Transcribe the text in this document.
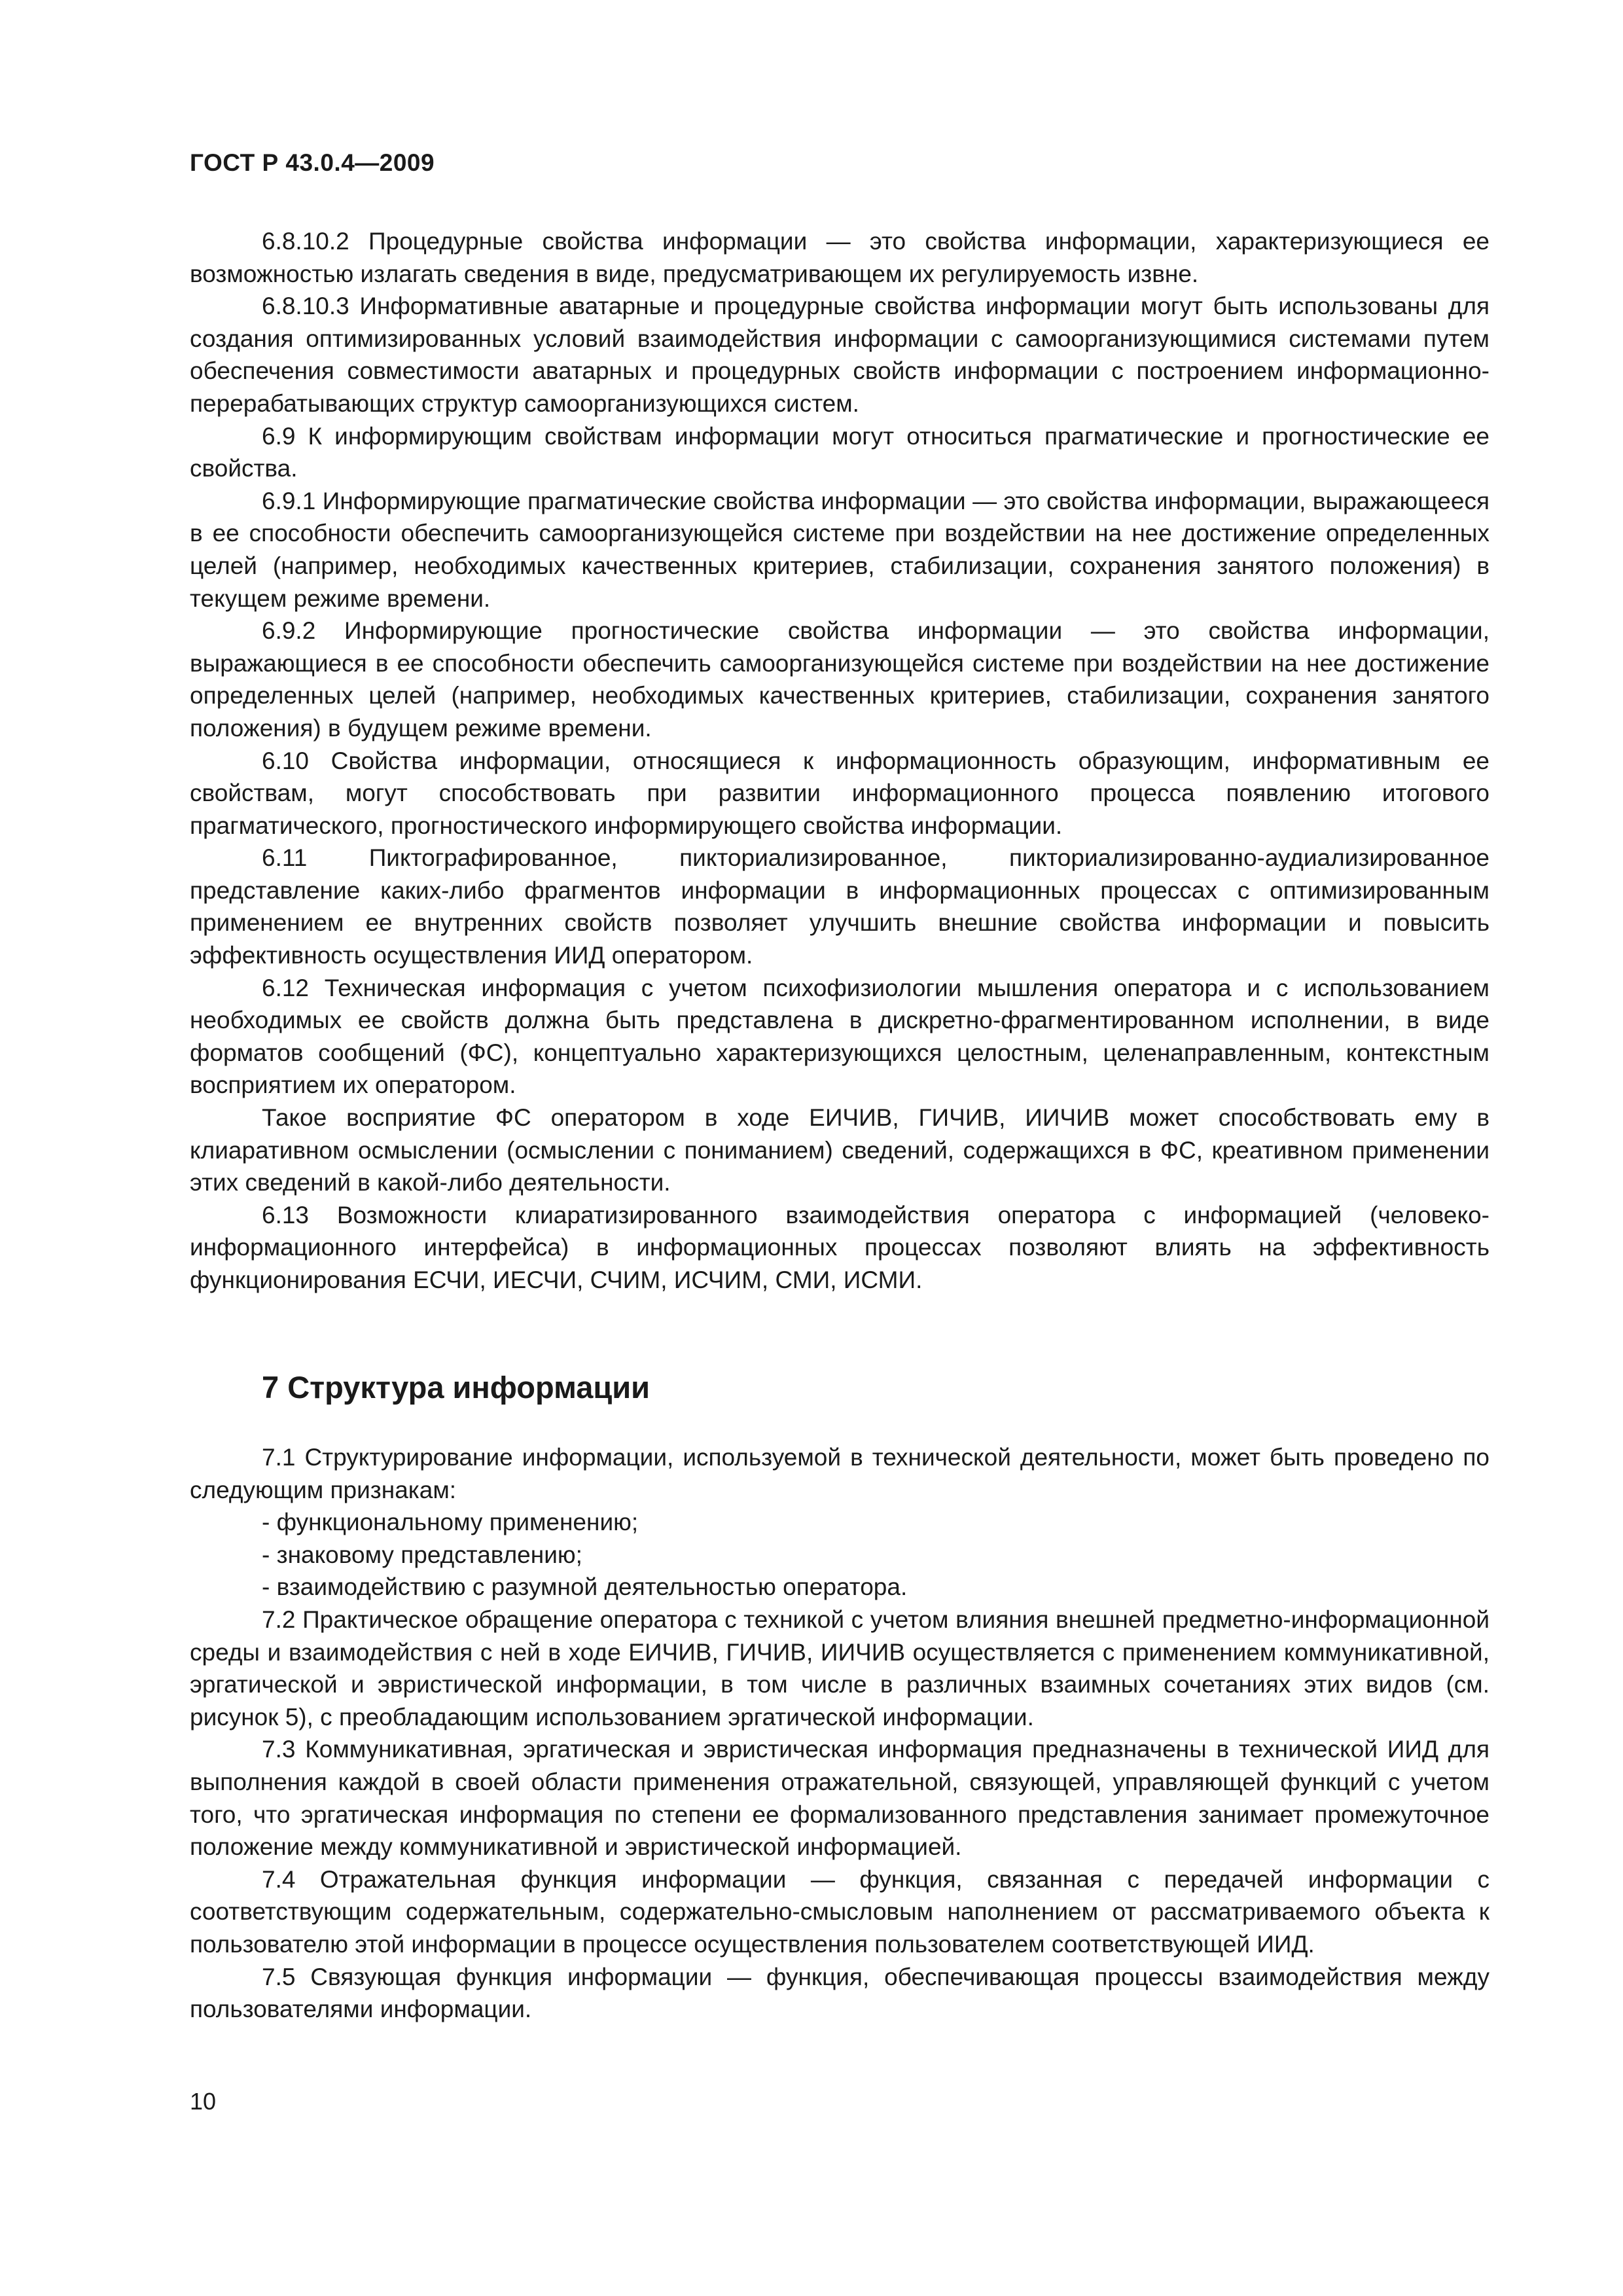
ГОСТ Р 43.0.4—2009

6.8.10.2 Процедурные свойства информации — это свойства информации, характеризующиеся ее возможностью излагать сведения в виде, предусматривающем их регулируемость извне.

6.8.10.3 Информативные аватарные и процедурные свойства информации могут быть использованы для создания оптимизированных условий взаимодействия информации с самоорганизующимися системами путем обеспечения совместимости аватарных и процедурных свойств информации с построением информационно-перерабатывающих структур самоорганизующихся систем.

6.9 К информирующим свойствам информации могут относиться прагматические и прогностические ее свойства.

6.9.1 Информирующие прагматические свойства информации — это свойства информации, выражающееся в ее способности обеспечить самоорганизующейся системе при воздействии на нее достижение определенных целей (например, необходимых качественных критериев, стабилизации, сохранения занятого положения) в текущем режиме времени.

6.9.2 Информирующие прогностические свойства информации — это свойства информации, выражающиеся в ее способности обеспечить самоорганизующейся системе при воздействии на нее достижение определенных целей (например, необходимых качественных критериев, стабилизации, сохранения занятого положения) в будущем режиме времени.

6.10 Свойства информации, относящиеся к информационность образующим, информативным ее свойствам, могут способствовать при развитии информационного процесса появлению итогового прагматического, прогностического информирующего свойства информации.

6.11 Пиктографированное, пикториализированное, пикториализированно-аудиализированное представление каких-либо фрагментов информации в информационных процессах с оптимизированным применением ее внутренних свойств позволяет улучшить внешние свойства информации и повысить эффективность осуществления ИИД оператором.

6.12 Техническая информация с учетом психофизиологии мышления оператора и с использованием необходимых ее свойств должна быть представлена в дискретно-фрагментированном исполнении, в виде форматов сообщений (ФС), концептуально характеризующихся целостным, целенаправленным, контекстным восприятием их оператором.

Такое восприятие ФС оператором в ходе ЕИЧИВ, ГИЧИВ, ИИЧИВ может способствовать ему в клиаративном осмыслении (осмыслении с пониманием) сведений, содержащихся в ФС, креативном применении этих сведений в какой-либо деятельности.

6.13 Возможности клиаратизированного взаимодействия оператора с информацией (человеко-информационного интерфейса) в информационных процессах позволяют влиять на эффективность функционирования ЕСЧИ, ИЕСЧИ, СЧИМ, ИСЧИМ, СМИ, ИСМИ.

7 Структура информации

7.1 Структурирование информации, используемой в технической деятельности, может быть проведено по следующим признакам:

- функциональному применению;

- знаковому представлению;

- взаимодействию с разумной деятельностью оператора.

7.2 Практическое обращение оператора с техникой с учетом влияния внешней предметно-информационной среды и взаимодействия с ней в ходе ЕИЧИВ, ГИЧИВ, ИИЧИВ осуществляется с применением коммуникативной, эргатической и эвристической информации, в том числе в различных взаимных сочетаниях этих видов (см. рисунок 5), с преобладающим использованием эргатической информации.

7.3 Коммуникативная, эргатическая и эвристическая информация предназначены в технической ИИД для выполнения каждой в своей области применения отражательной, связующей, управляющей функций с учетом того, что эргатическая информация по степени ее формализованного представления занимает промежуточное положение между коммуникативной и эвристической информацией.

7.4 Отражательная функция информации — функция, связанная с передачей информации с соответствующим содержательным, содержательно-смысловым наполнением от рассматриваемого объекта к пользователю этой информации в процессе осуществления пользователем соответствующей ИИД.

7.5 Связующая функция информации — функция, обеспечивающая процессы взаимодействия между пользователями информации.

10
